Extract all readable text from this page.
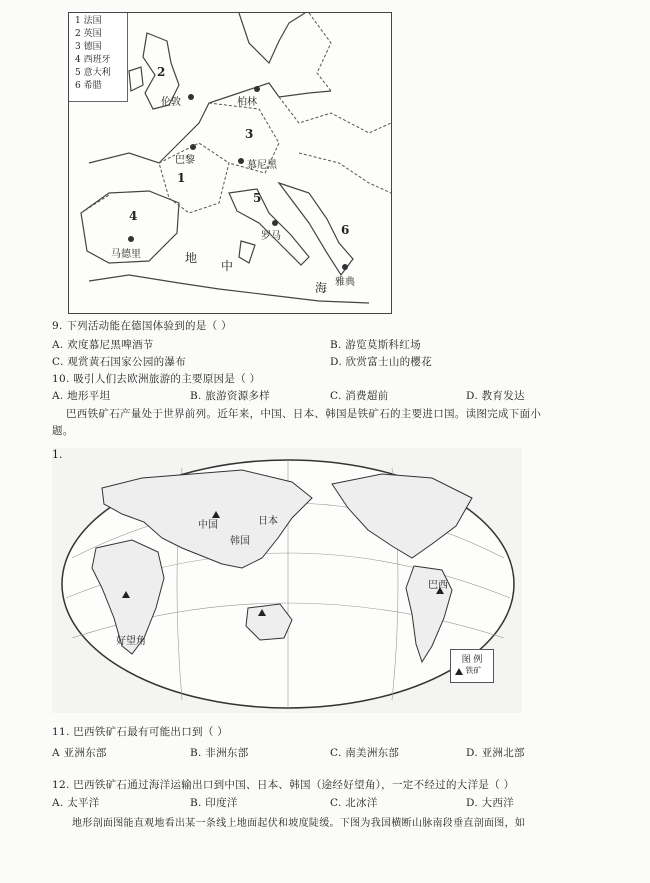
1 法国
2 英国
3 德国
4 西班牙
5 意大利
6 希腊
伦敦	柏林
巴黎	慕尼黑
马德里
罗马
雅典
1
2
3
4
5
6
地
中
海
9. 下列活动能在德国体验到的是（ ）
A. 欢度慕尼黑啤酒节	B. 游览莫斯科红场
C. 观赏黄石国家公园的瀑布	D. 欣赏富士山的樱花
10. 吸引人们去欧洲旅游的主要原因是（ ）
A. 地形平坦	B. 旅游资源多样	C. 消费超前	D. 教育发达
巴西铁矿石产量处于世界前列。近年来，中国、日本、韩国是铁矿石的主要进口国。读图完成下面小
题。
1.
中国	日本
韩国
巴西
好望角
图 例
铁矿
11. 巴西铁矿石最有可能出口到（ ）
A 亚洲东部	B. 非洲东部	C. 南美洲东部	D. 亚洲北部
12. 巴西铁矿石通过海洋运输出口到中国、日本、韩国（途经好望角），一定不经过的大洋是（ ）
A. 太平洋	B. 印度洋	C. 北冰洋	D. 大西洋
地形剖面图能直观地看出某一条线上地面起伏和坡度陡缓。下图为我国横断山脉南段垂直剖面图，如
